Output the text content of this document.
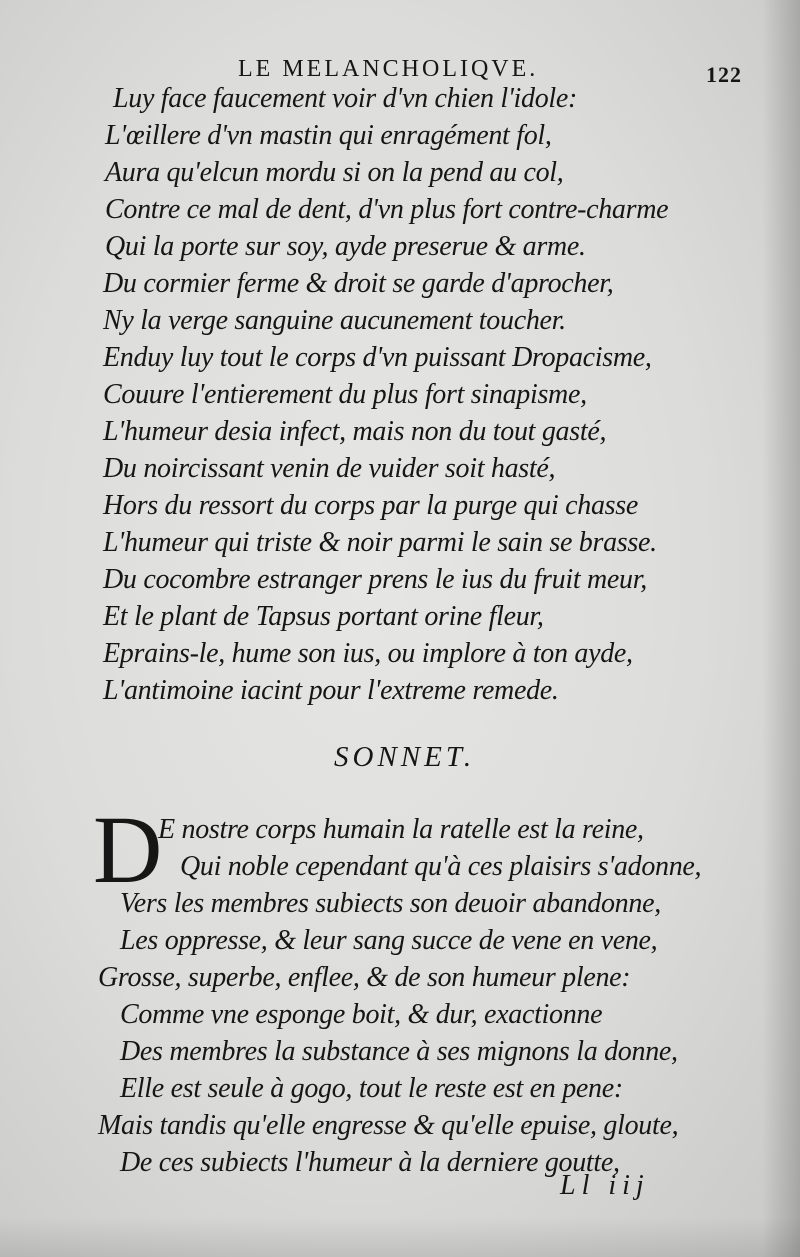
LE MELANCHOLIQVE.	122
Luy face faucement voir d'vn chien l'idole:
L'œillere d'vn mastin qui enragément fol,
Aura qu'elcun mordu si on la pend au col,
Contre ce mal de dent, d'vn plus fort contre-charme
Qui la porte sur soy, ayde preserue & arme.
Du cormier ferme & droit se garde d'aprocher,
Ny la verge sanguine aucunement toucher.
Enduy luy tout le corps d'vn puissant Dropacisme,
Couure l'entierement du plus fort sinapisme,
L'humeur desia infect, mais non du tout gasté,
Du noircissant venin de vuider soit hasté,
Hors du ressort du corps par la purge qui chasse
L'humeur qui triste & noir parmi le sain se brasse.
Du cocombre estranger prens le ius du fruit meur,
Et le plant de Tapsus portant orine fleur,
Eprains-le, hume son ius, ou implore à ton ayde,
L'antimoine iacint pour l'extreme remede.
SONNET.
D
E nostre corps humain la ratelle est la reine,
Qui noble cependant qu'à ces plaisirs s'adonne,
Vers les membres subiects son deuoir abandonne,
Les oppresse, & leur sang succe de vene en vene,
Grosse, superbe, enflee, & de son humeur plene:
Comme vne esponge boit, & dur, exactionne
Des membres la substance à ses mignons la donne,
Elle est seule à gogo, tout le reste est en pene:
Mais tandis qu'elle engresse & qu'elle epuise, gloute,
De ces subiects l'humeur à la derniere goutte,
Ll iij
